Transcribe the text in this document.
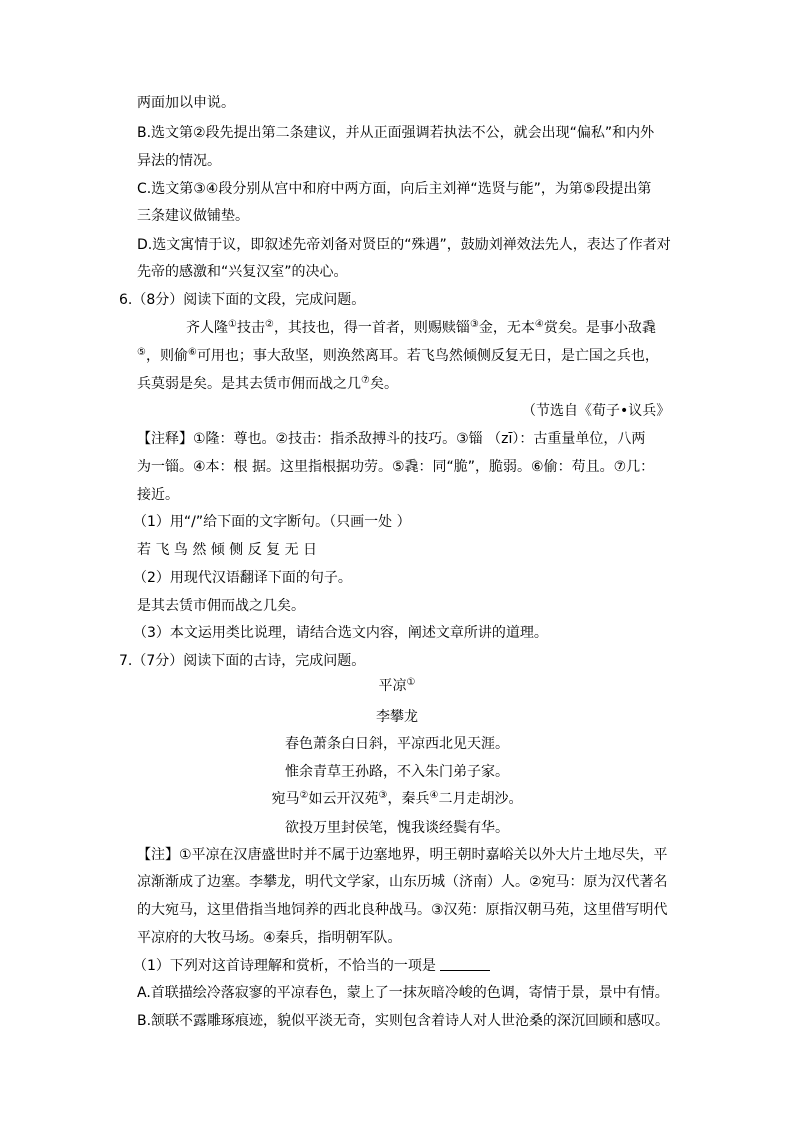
两面加以申说。
B.选文第②段先提出第二条建议，并从正面强调若执法不公，就会出现“偏私”和内外
异法的情况。
C.选文第③④段分别从宫中和府中两方面，向后主刘禅“选贤与能”，为第⑤段提出第
三条建议做铺垫。
D.选文寓情于议，即叙述先帝刘备对贤臣的“殊遇”，鼓励刘禅效法先人，表达了作者对
先帝的感激和“兴复汉室”的决心。
6.（8分）阅读下面的文段，完成问题。
齐人隆①技击②，其技也，得一首者，则赐赎锱③金，无本④赏矣。是事小敌毳
⑤，则偷⑥可用也；事大敌坚，则涣然离耳。若飞鸟然倾侧反复无日，是亡国之兵也，
兵莫弱是矣。是其去赁市佣而战之几⑦矣。
（节选自《荀子•议兵》
【注释】①隆：尊也。②技击：指杀敌搏斗的技巧。③锱 （zī）：古重量单位，八两
为一锱。④本：根 据。这里指根据功劳。⑤毳：同“脆”，脆弱。⑥偷：苟且。⑦几：
接近。
（1）用“/”给下面的文字断句。（只画一处 ）
若 飞 鸟 然 倾 侧 反 复 无 日
（2）用现代汉语翻译下面的句子。
是其去赁市佣而战之几矣。
（3）本文运用类比说理，请结合选文内容，阐述文章所讲的道理。
7.（7分）阅读下面的古诗，完成问题。
平凉①
李攀龙
春色萧条白日斜，平凉西北见天涯。
惟余青草王孙路，不入朱门弟子家。
宛马②如云开汉苑③，秦兵④二月走胡沙。
欲投万里封侯笔，愧我谈经鬓有华。
【注】①平凉在汉唐盛世时并不属于边塞地界，明王朝时嘉峪关以外大片土地尽失，平
凉渐渐成了边塞。李攀龙，明代文学家，山东历城（济南）人。②宛马：原为汉代著名
的大宛马，这里借指当地饲养的西北良种战马。③汉苑：原指汉朝马苑，这里借写明代
平凉府的大牧马场。④秦兵，指明朝军队。
（1）下列对这首诗理解和赏析，不恰当的一项是
A.首联描绘冷落寂寥的平凉春色，蒙上了一抹灰暗冷峻的色调，寄情于景，景中有情。
B.颔联不露雕琢痕迹，貌似平淡无奇，实则包含着诗人对人世沧桑的深沉回顾和感叹。
